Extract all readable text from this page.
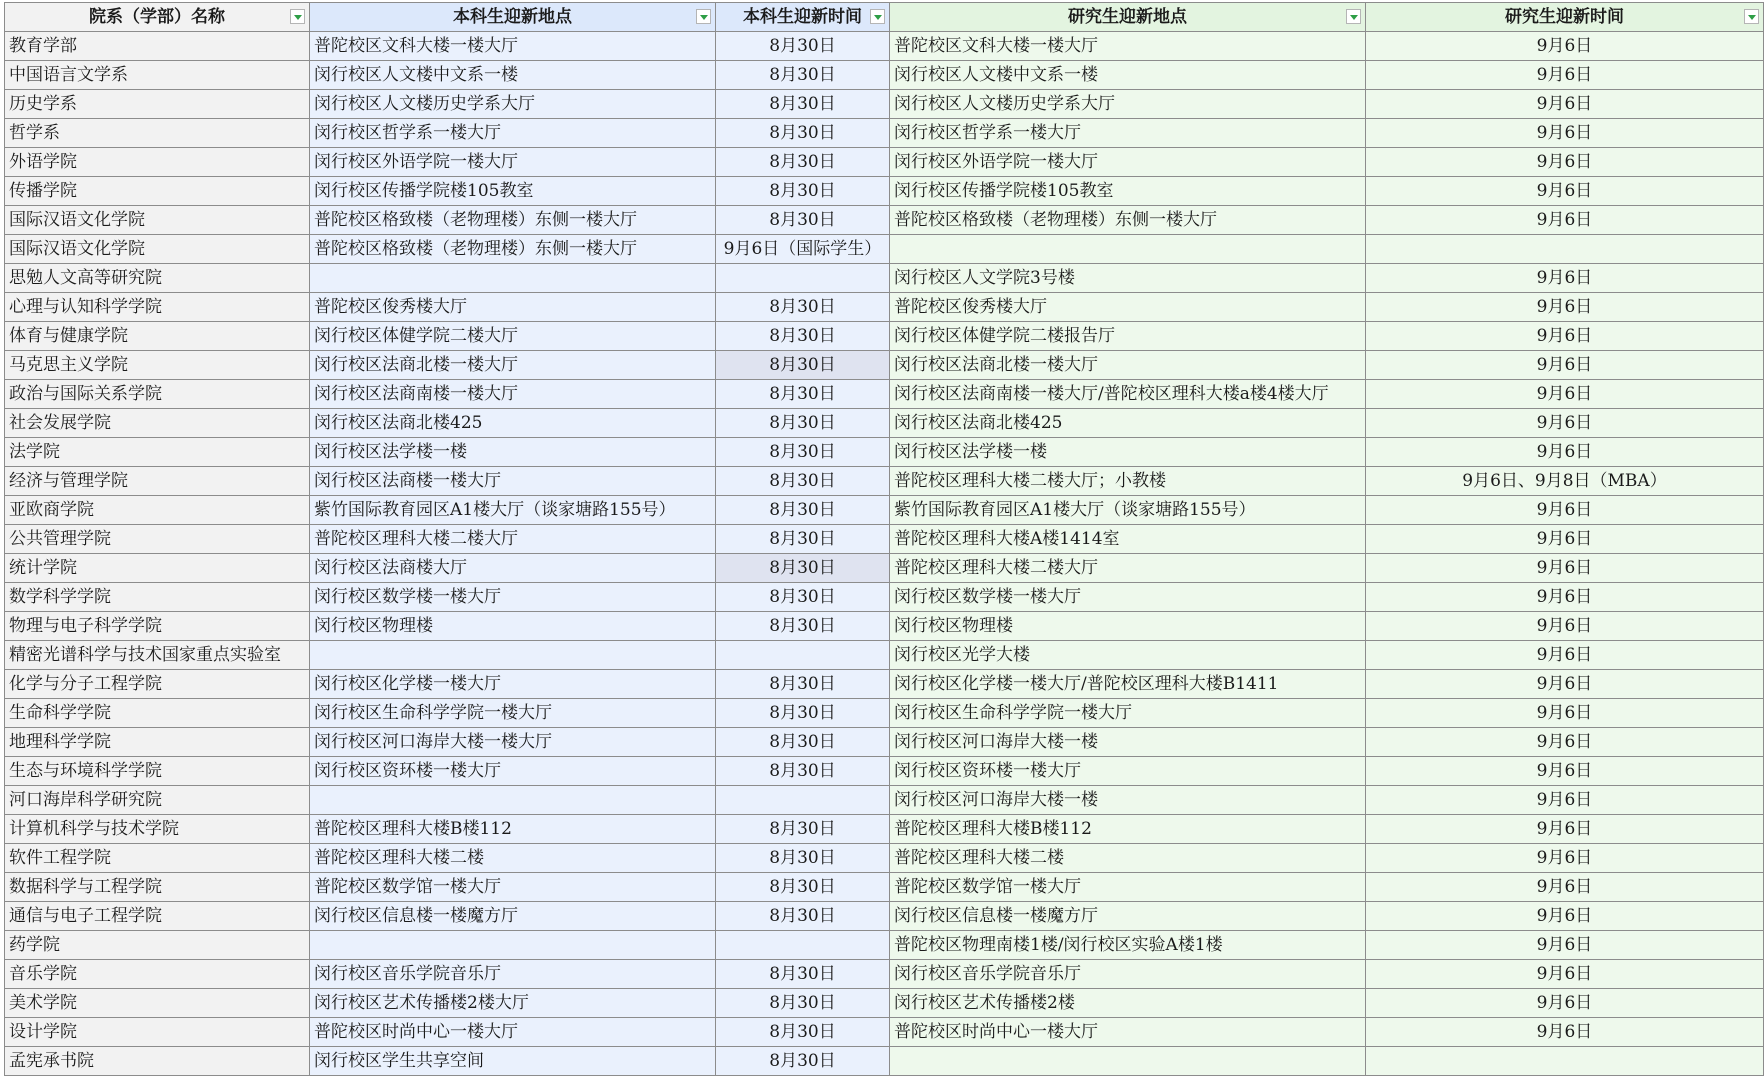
院系（学部）名称	本科生迎新地点	本科生迎新时间	研究生迎新地点	研究生迎新时间

教育学部	普陀校区文科大楼一楼大厅	8月30日	普陀校区文科大楼一楼大厅	9月6日
中国语言文学系	闵行校区人文楼中文系一楼	8月30日	闵行校区人文楼中文系一楼	9月6日
历史学系	闵行校区人文楼历史学系大厅	8月30日	闵行校区人文楼历史学系大厅	9月6日
哲学系	闵行校区哲学系一楼大厅	8月30日	闵行校区哲学系一楼大厅	9月6日
外语学院	闵行校区外语学院一楼大厅	8月30日	闵行校区外语学院一楼大厅	9月6日
传播学院	闵行校区传播学院楼105教室	8月30日	闵行校区传播学院楼105教室	9月6日
国际汉语文化学院	普陀校区格致楼（老物理楼）东侧一楼大厅	8月30日	普陀校区格致楼（老物理楼）东侧一楼大厅	9月6日
国际汉语文化学院	普陀校区格致楼（老物理楼）东侧一楼大厅	9月6日（国际学生）		
思勉人文高等研究院			闵行校区人文学院3号楼	9月6日
心理与认知科学学院	普陀校区俊秀楼大厅	8月30日	普陀校区俊秀楼大厅	9月6日
体育与健康学院	闵行校区体健学院二楼大厅	8月30日	闵行校区体健学院二楼报告厅	9月6日
马克思主义学院	闵行校区法商北楼一楼大厅	8月30日	闵行校区法商北楼一楼大厅	9月6日
政治与国际关系学院	闵行校区法商南楼一楼大厅	8月30日	闵行校区法商南楼一楼大厅/普陀校区理科大楼a楼4楼大厅	9月6日
社会发展学院	闵行校区法商北楼425	8月30日	闵行校区法商北楼425	9月6日
法学院	闵行校区法学楼一楼	8月30日	闵行校区法学楼一楼	9月6日
经济与管理学院	闵行校区法商楼一楼大厅	8月30日	普陀校区理科大楼二楼大厅；小教楼	9月6日、9月8日（MBA）
亚欧商学院	紫竹国际教育园区A1楼大厅（谈家塘路155号）	8月30日	紫竹国际教育园区A1楼大厅（谈家塘路155号）	9月6日
公共管理学院	普陀校区理科大楼二楼大厅	8月30日	普陀校区理科大楼A楼1414室	9月6日
统计学院	闵行校区法商楼大厅	8月30日	普陀校区理科大楼二楼大厅	9月6日
数学科学学院	闵行校区数学楼一楼大厅	8月30日	闵行校区数学楼一楼大厅	9月6日
物理与电子科学学院	闵行校区物理楼	8月30日	闵行校区物理楼	9月6日
精密光谱科学与技术国家重点实验室			闵行校区光学大楼	9月6日
化学与分子工程学院	闵行校区化学楼一楼大厅	8月30日	闵行校区化学楼一楼大厅/普陀校区理科大楼B1411	9月6日
生命科学学院	闵行校区生命科学学院一楼大厅	8月30日	闵行校区生命科学学院一楼大厅	9月6日
地理科学学院	闵行校区河口海岸大楼一楼大厅	8月30日	闵行校区河口海岸大楼一楼	9月6日
生态与环境科学学院	闵行校区资环楼一楼大厅	8月30日	闵行校区资环楼一楼大厅	9月6日
河口海岸科学研究院			闵行校区河口海岸大楼一楼	9月6日
计算机科学与技术学院	普陀校区理科大楼B楼112	8月30日	普陀校区理科大楼B楼112	9月6日
软件工程学院	普陀校区理科大楼二楼	8月30日	普陀校区理科大楼二楼	9月6日
数据科学与工程学院	普陀校区数学馆一楼大厅	8月30日	普陀校区数学馆一楼大厅	9月6日
通信与电子工程学院	闵行校区信息楼一楼魔方厅	8月30日	闵行校区信息楼一楼魔方厅	9月6日
药学院			普陀校区物理南楼1楼/闵行校区实验A楼1楼	9月6日
音乐学院	闵行校区音乐学院音乐厅	8月30日	闵行校区音乐学院音乐厅	9月6日
美术学院	闵行校区艺术传播楼2楼大厅	8月30日	闵行校区艺术传播楼2楼	9月6日
设计学院	普陀校区时尚中心一楼大厅	8月30日	普陀校区时尚中心一楼大厅	9月6日
孟宪承书院	闵行校区学生共享空间	8月30日		
